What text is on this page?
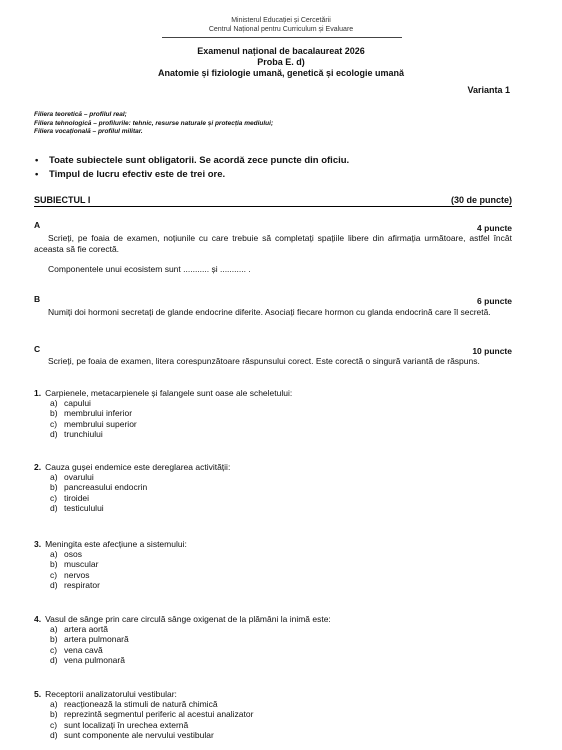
Ministerul Educației și Cercetării
Centrul Național pentru Curriculum și Evaluare
Examenul național de bacalaureat 2026
Proba E. d)
Anatomie și fiziologie umană, genetică și ecologie umană
Varianta 1
Filiera teoretică – profilul real;
Filiera tehnologică – profilurile: tehnic, resurse naturale și protecția mediului;
Filiera vocațională – profilul militar.
• Toate subiectele sunt obligatorii. Se acordă zece puncte din oficiu.
• Timpul de lucru efectiv este de trei ore.
SUBIECTUL I	(30 de puncte)
A	4 puncte

Scrieți, pe foaia de examen, noțiunile cu care trebuie să completați spațiile libere din afirmația următoare, astfel încât aceasta să fie corectă.

Componentele unui ecosistem sunt ........... și ........... .

B	6 puncte

Numiți doi hormoni secretați de glande endocrine diferite. Asociați fiecare hormon cu glanda endocrină care îl secretă.

C	10 puncte

Scrieți, pe foaia de examen, litera corespunzătoare răspunsului corect. Este corectă o singură variantă de răspuns.

1. Carpienele, metacarpienele și falangele sunt oase ale scheletului:

a) capului
b) membrului inferior
c) membrului superior
d) trunchiului

2. Cauza gușei endemice este dereglarea activității:

a) ovarului
b) pancreasului endocrin
c) tiroidei
d) testiculului

3. Meningita este afecțiune a sistemului:

a) osos
b) muscular
c) nervos
d) respirator

4. Vasul de sânge prin care circulă sânge oxigenat de la plămâni la inimă este:

a) artera aortă
b) artera pulmonară
c) vena cavă
d) vena pulmonară

5. Receptorii analizatorului vestibular:

a) reacționează la stimuli de natură chimică
b) reprezintă segmentul periferic al acestui analizator
c) sunt localizați în urechea externă
d) sunt componente ale nervului vestibular
